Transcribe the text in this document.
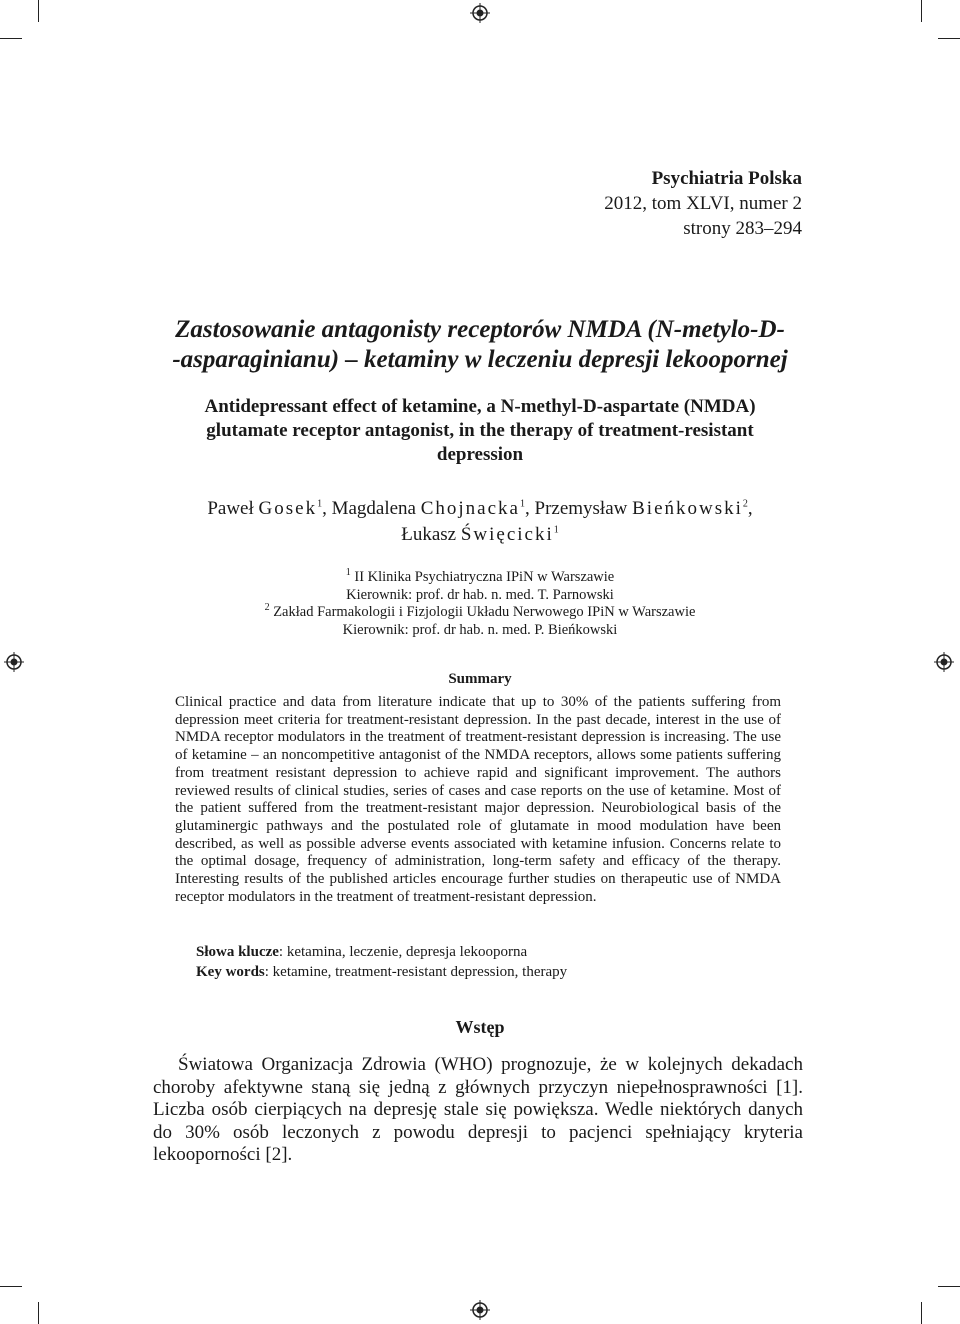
Psychiatria Polska
2012, tom XLVI, numer 2
strony 283–294
Zastosowanie antagonisty receptorów NMDA (N-metylo-D-
-asparaginianu) – ketaminy w leczeniu depresji lekoopornej
Antidepressant effect of ketamine, a N-methyl-D-aspartate (NMDA)
glutamate receptor antagonist, in the therapy of treatment-resistant
depression
Paweł Gosek$^1$, Magdalena Chojnacka$^1$, Przemysław Bieńkowski$^2$,
Łukasz Święcicki$^1$
$^1$ II Klinika Psychiatryczna IPiN w Warszawie
Kierownik: prof. dr hab. n. med. T. Parnowski
$^2$ Zakład Farmakologii i Fizjologii Układu Nerwowego IPiN w Warszawie
Kierownik: prof. dr hab. n. med. P. Bieńkowski
Summary

Clinical practice and data from literature indicate that up to 30% of the patients suffering from depression meet criteria for treatment-resistant depression. In the past decade, interest in the use of NMDA receptor modulators in the treatment of treatment-resistant depression is increasing. The use of ketamine – an noncompetitive antagonist of the NMDA receptors, allows some patients suffering from treatment resistant depression to achieve rapid and significant improvement. The authors reviewed results of clinical studies, series of cases and case reports on the use of ketamine. Most of the patient suffered from the treatment-resistant major depression. Neurobiological basis of the glutaminergic pathways and the postulated role of glutamate in mood modulation have been described, as well as possible adverse events associated with ketamine infusion. Concerns relate to the optimal dosage, frequency of administration, long-term safety and efficacy of the therapy. Interesting results of the published articles encourage further studies on therapeutic use of NMDA receptor modulators in the treatment of treatment-resistant depression.

Słowa klucze: ketamina, leczenie, depresja lekooporna
Key words: ketamine, treatment-resistant depression, therapy
Wstęp

Światowa Organizacja Zdrowia (WHO) prognozuje, że w kolejnych dekadach choroby afektywne staną się jedną z głównych przyczyn niepełnosprawności [1]. Liczba osób cierpiących na depresję stale się powiększa. Wedle niektórych danych do 30% osób leczonych z powodu depresji to pacjenci spełniający kryteria lekooporności [2].
